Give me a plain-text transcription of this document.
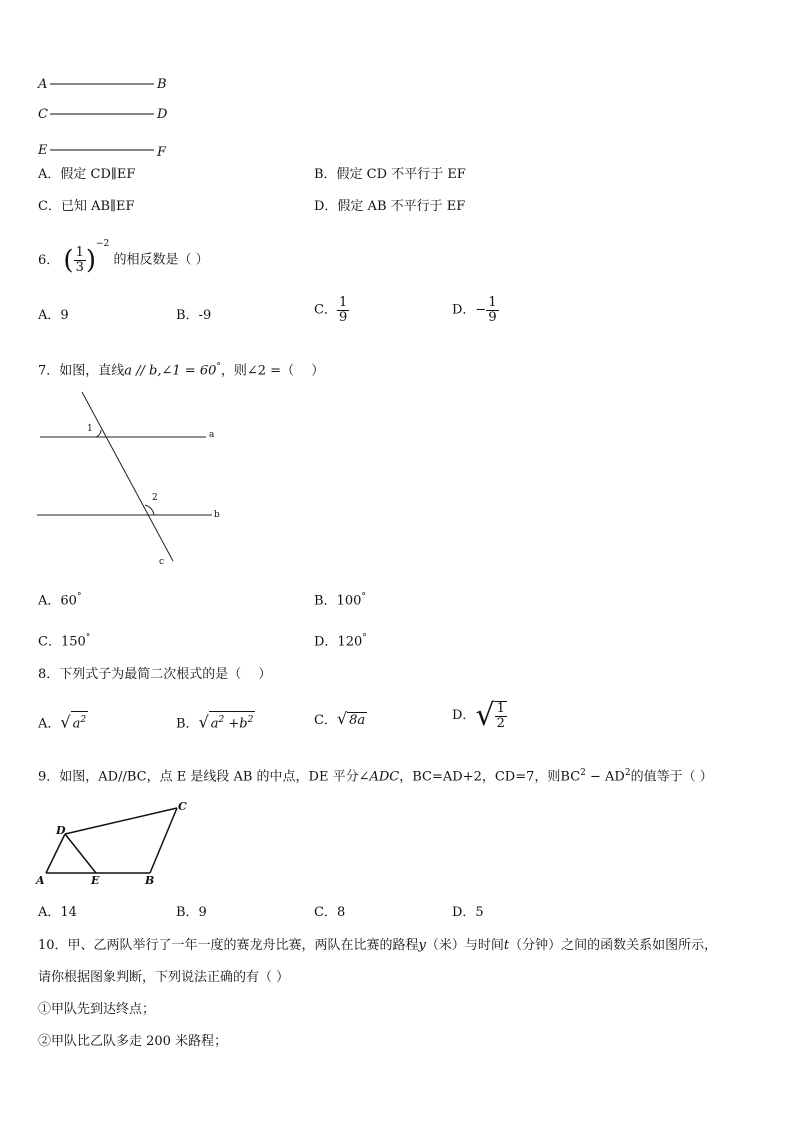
A	B
C	D
E	F
A．假定 CD∥EF	B．假定 CD 不平行于 EF
C．已知 AB∥EF	D．假定 AB 不平行于 EF
6． ( $\frac{1}{3} )^{-2}$ 的相反数是（ ）
A．9	B．-9	C． $\frac{1}{9}$	D．− $\frac{1}{9}$
7．如图，直线a // b,∠1 = 60°，则∠2 =（　 ）
1
2
a
b
c
A．60°	B．100°
C．150°	D．120°
8．下列式子为最简二次根式的是（　 ）
A．√ $a^2$	B．√ $a^2 +b^2$	C．√ 8a	D．√ $\frac{1}{2}$
9．如图，AD//BC，点 E 是线段 AB 的中点，DE 平分∠ADC，BC=AD+2，CD=7，则$BC^2 - AD^2$的值等于（ ）
A	E	B
C
D
A．14	B．9	C．8	D．5
10．甲、乙两队举行了一年一度的赛龙舟比赛，两队在比赛的路程y（米）与时间t（分钟）之间的函数关系如图所示，
请你根据图象判断，下列说法正确的有（ ）
①甲队先到达终点；
②甲队比乙队多走 200 米路程；
